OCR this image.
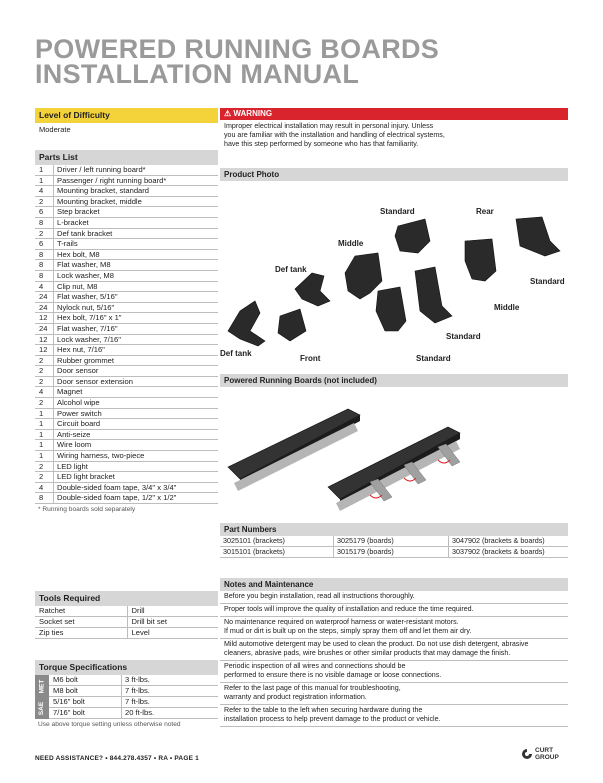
POWERED RUNNING BOARDS
INSTALLATION MANUAL
Level of Difficulty
Moderate
Parts List
1	Driver / left running board*
1	Passenger / right running board*
4	Mounting bracket, standard
2	Mounting bracket, middle
6	Step bracket
8	L-bracket
2	Def tank bracket
6	T-rails
8	Hex bolt, M8
8	Flat washer, M8
8	Lock washer, M8
4	Clip nut, M8
24	Flat washer, 5/16"
24	Nylock nut, 5/16"
12	Hex bolt, 7/16" x 1"
24	Flat washer, 7/16"
12	Lock washer, 7/16"
12	Hex nut, 7/16"
2	Rubber grommet
2	Door sensor
2	Door sensor extension
4	Magnet
2	Alcohol wipe
1	Power switch
1	Circuit board
1	Anti-seize
1	Wire loom
1	Wiring harness, two-piece
2	LED light
2	LED light bracket
4	Double-sided foam tape, 3/4" x 3/4"
8	Double-sided foam tape, 1/2" x 1/2"
* Running boards sold separately
Tools Required
Ratchet	Drill
Socket set	Drill bit set
Zip ties	Level
Torque Specifications
MET M6 bolt	3 ft-lbs.
M8 bolt	7 ft-lbs.
SAE 5/16" bolt	7 ft-lbs.
7/16" bolt	20 ft-lbs.
Use above torque setting unless otherwise noted
⚠ WARNING
Improper electrical installation may result in personal injury. Unless
you are familiar with the installation and handling of electrical systems,
have this step performed by someone who has that familiarity.
Product Photo
Standard	Rear
Middle
Def tank
Standard
Middle
Standard
Def tank
Front	Standard
Powered Running Boards (not included)
Part Numbers
3025101 (brackets)	3025179 (boards)	3047902 (brackets & boards)
3015101 (brackets)	3015179 (boards)	3037902 (brackets & boards)
Notes and Maintenance
Before you begin installation, read all instructions thoroughly.
Proper tools will improve the quality of installation and reduce the time required.
No maintenance required on waterproof harness or water-resistant motors.
If mud or dirt is built up on the steps, simply spray them off and let them air dry.
Mild automotive detergent may be used to clean the product. Do not use dish detergent, abrasive
cleaners, abrasive pads, wire brushes or other similar products that may damage the finish.
Periodic inspection of all wires and connections should be
performed to ensure there is no visible damage or loose connections.
Refer to the last page of this manual for troubleshooting,
warranty and product registration information.
Refer to the table to the left when securing hardware during the
installation process to help prevent damage to the product or vehicle.
NEED ASSISTANCE? • 844.278.4357 • RA • PAGE 1
CURT
GROUP
